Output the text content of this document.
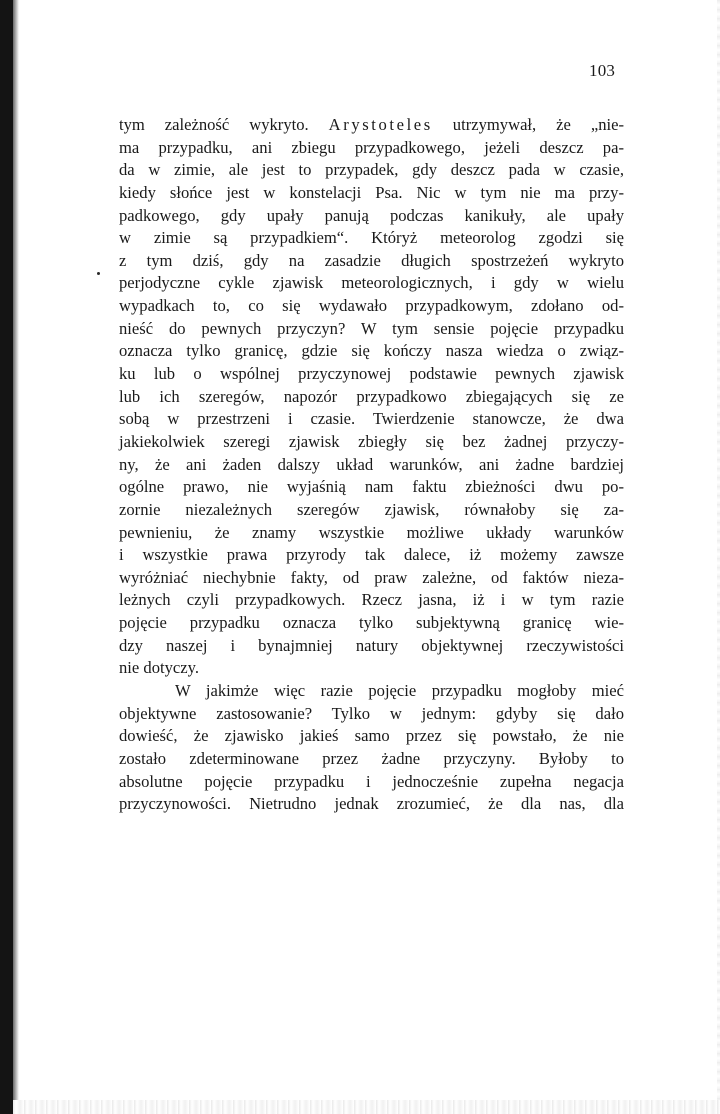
103
tym zależność wykryto. Arystoteles utrzymywał, że „nie-
ma przypadku, ani zbiegu przypadkowego, jeżeli deszcz pa-
da w zimie, ale jest to przypadek, gdy deszcz pada w czasie,
kiedy słońce jest w konstelacji Psa. Nic w tym nie ma przy-
padkowego, gdy upały panują podczas kanikuły, ale upały
w zimie są przypadkiem“. Któryż meteorolog zgodzi się
z tym dziś, gdy na zasadzie długich spostrzeżeń wykryto
perjodyczne cykle zjawisk meteorologicznych, i gdy w wielu
wypadkach to, co się wydawało przypadkowym, zdołano od-
nieść do pewnych przyczyn? W tym sensie pojęcie przypadku
oznacza tylko granicę, gdzie się kończy nasza wiedza o związ-
ku lub o wspólnej przyczynowej podstawie pewnych zjawisk
lub ich szeregów, napozór przypadkowo zbiegających się ze
sobą w przestrzeni i czasie. Twierdzenie stanowcze, że dwa
jakiekolwiek szeregi zjawisk zbiegły się bez żadnej przyczy-
ny, że ani żaden dalszy układ warunków, ani żadne bardziej
ogólne prawo, nie wyjaśnią nam faktu zbieżności dwu po-
zornie niezależnych szeregów zjawisk, równałoby się za-
pewnieniu, że znamy wszystkie możliwe układy warunków
i wszystkie prawa przyrody tak dalece, iż możemy zawsze
wyróżniać niechybnie fakty, od praw zależne, od faktów nieza-
leżnych czyli przypadkowych. Rzecz jasna, iż i w tym razie
pojęcie przypadku oznacza tylko subjektywną granicę wie-
dzy naszej i bynajmniej natury objektywnej rzeczywistości
nie dotyczy.
W jakimże więc razie pojęcie przypadku mogłoby mieć
objektywne zastosowanie? Tylko w jednym: gdyby się dało
dowieść, że zjawisko jakieś samo przez się powstało, że nie
zostało zdeterminowane przez żadne przyczyny. Byłoby to
absolutne pojęcie przypadku i jednocześnie zupełna negacja
przyczynowości. Nietrudno jednak zrozumieć, że dla nas, dla
